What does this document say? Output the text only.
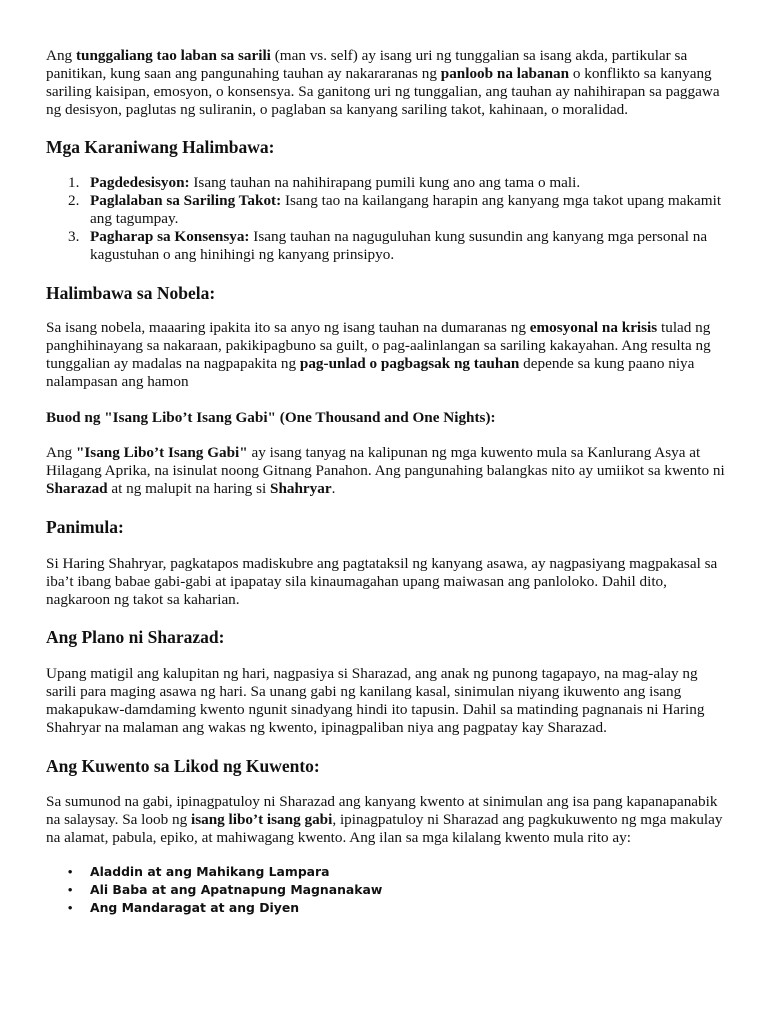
Ang tunggaliang tao laban sa sarili (man vs. self) ay isang uri ng tunggalian sa isang akda, partikular sa panitikan, kung saan ang pangunahing tauhan ay nakararanas ng panloob na labanan o konflikto sa kanyang sariling kaisipan, emosyon, o konsensya. Sa ganitong uri ng tunggalian, ang tauhan ay nahihirapan sa paggawa ng desisyon, paglutas ng suliranin, o paglaban sa kanyang sariling takot, kahinaan, o moralidad.

Mga Karaniwang Halimbawa:
1. Pagdedesisyon: Isang tauhan na nahihirapang pumili kung ano ang tama o mali.
2. Paglalaban sa Sariling Takot: Isang tao na kailangang harapin ang kanyang mga takot upang makamit ang tagumpay.
3. Pagharap sa Konsensya: Isang tauhan na naguguluhan kung susundin ang kanyang mga personal na kagustuhan o ang hinihingi ng kanyang prinsipyo.
Halimbawa sa Nobela:

Sa isang nobela, maaaring ipakita ito sa anyo ng isang tauhan na dumaranas ng emosyonal na krisis tulad ng panghihinayang sa nakaraan, pakikipagbuno sa guilt, o pag-aalinlangan sa sariling kakayahan. Ang resulta ng tunggalian ay madalas na nagpapakita ng pag-unlad o pagbagsak ng tauhan depende sa kung paano niya nalampasan ang hamon

Buod ng "Isang Libo’t Isang Gabi" (One Thousand and One Nights):

Ang "Isang Libo’t Isang Gabi" ay isang tanyag na kalipunan ng mga kuwento mula sa Kanlurang Asya at Hilagang Aprika, na isinulat noong Gitnang Panahon. Ang pangunahing balangkas nito ay umiikot sa kwento ni Sharazad at ng malupit na haring si Shahryar.

Panimula:

Si Haring Shahryar, pagkatapos madiskubre ang pagtataksil ng kanyang asawa, ay nagpasiyang magpakasal sa iba’t ibang babae gabi-gabi at ipapatay sila kinaumagahan upang maiwasan ang panloloko. Dahil dito, nagkaroon ng takot sa kaharian.

Ang Plano ni Sharazad:

Upang matigil ang kalupitan ng hari, nagpasiya si Sharazad, ang anak ng punong tagapayo, na mag-alay ng sarili para maging asawa ng hari. Sa unang gabi ng kanilang kasal, sinimulan niyang ikuwento ang isang makapukaw-damdaming kwento ngunit sinadyang hindi ito tapusin. Dahil sa matinding pagnanais ni Haring Shahryar na malaman ang wakas ng kwento, ipinagpaliban niya ang pagpatay kay Sharazad.

Ang Kuwento sa Likod ng Kuwento:

Sa sumunod na gabi, ipinagpatuloy ni Sharazad ang kanyang kwento at sinimulan ang isa pang kapanapanabik na salaysay. Sa loob ng isang libo’t isang gabi, ipinagpatuloy ni Sharazad ang pagkukuwento ng mga makulay na alamat, pabula, epiko, at mahiwagang kwento. Ang ilan sa mga kilalang kwento mula rito ay:

• Aladdin at ang Mahikang Lampara
• Ali Baba at ang Apatnapung Magnanakaw
• Ang Mandaragat at ang Diyen
